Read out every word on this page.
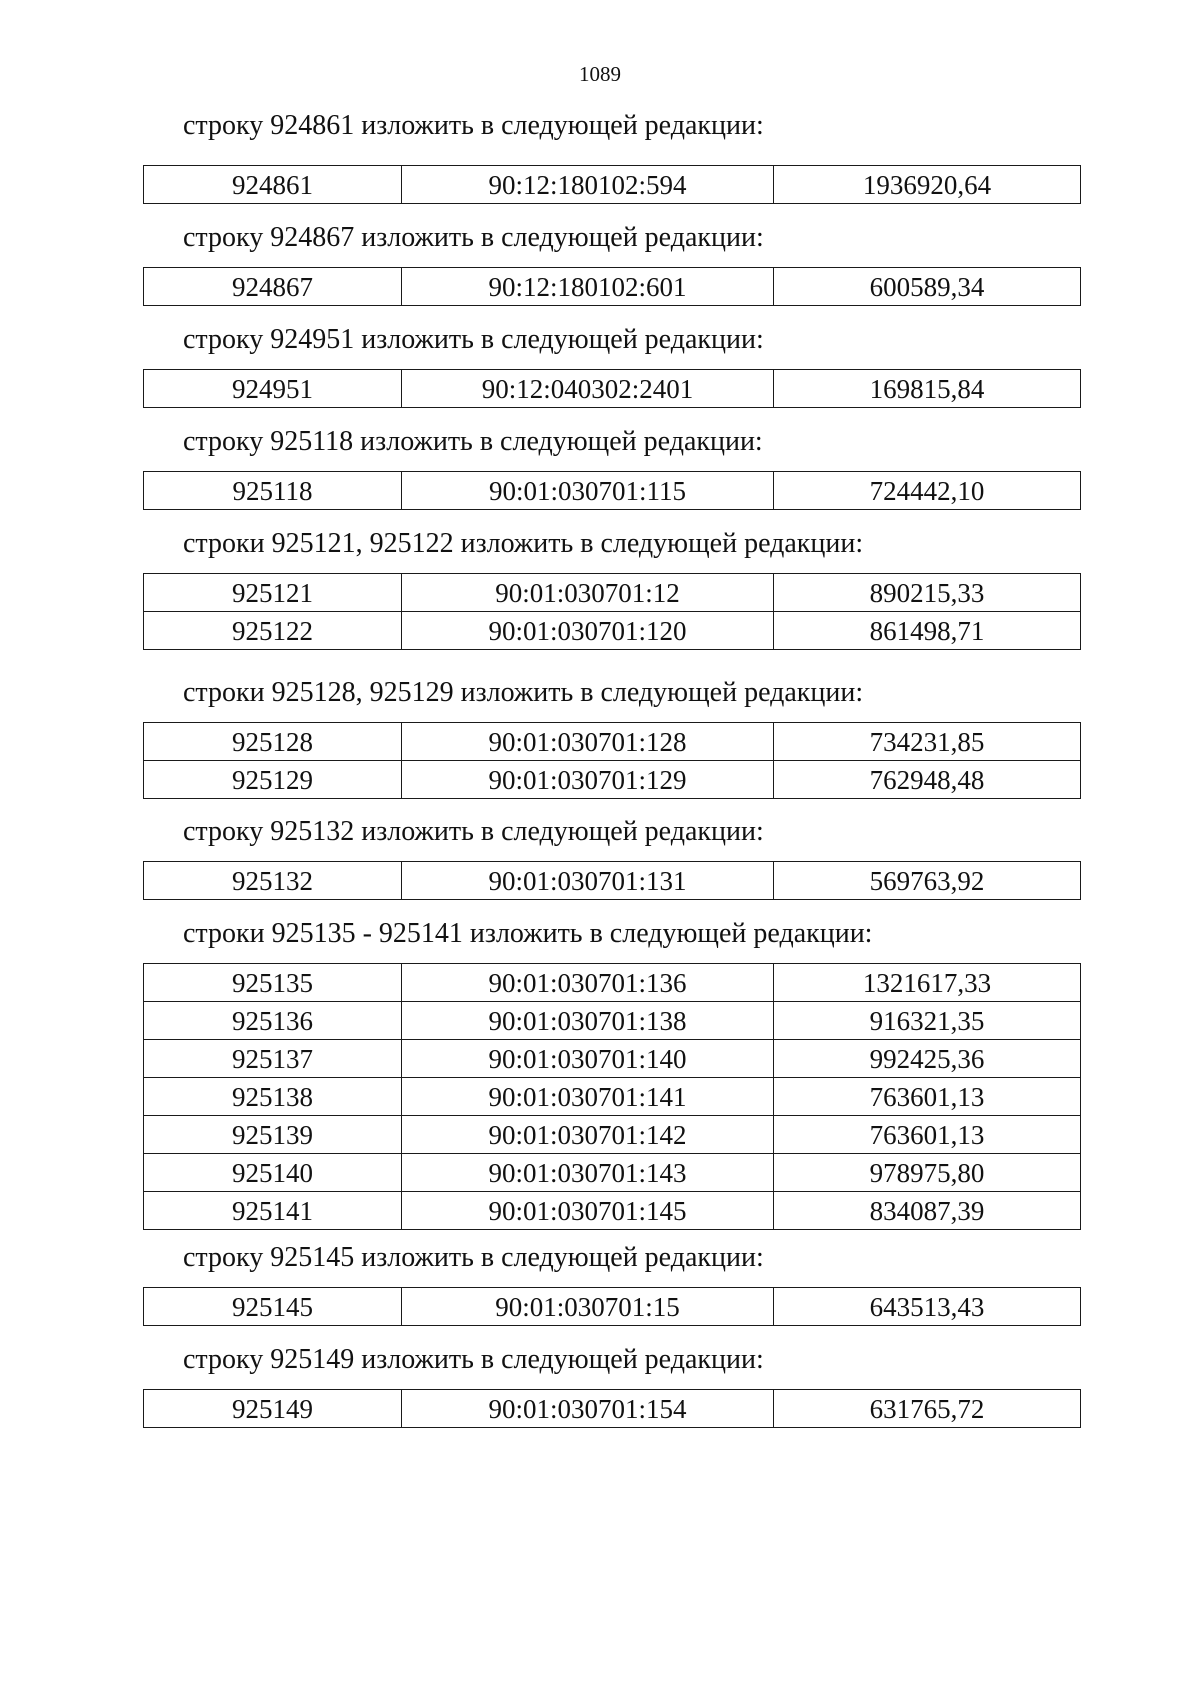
1089
строку 924861 изложить в следующей редакции:
924861	90:12:180102:594	1936920,64
строку 924867 изложить в следующей редакции:
924867	90:12:180102:601	600589,34
строку 924951 изложить в следующей редакции:
924951	90:12:040302:2401	169815,84
строку 925118 изложить в следующей редакции:
925118	90:01:030701:115	724442,10
строки 925121, 925122 изложить в следующей редакции:
925121	90:01:030701:12	890215,33
925122	90:01:030701:120	861498,71
строки 925128, 925129 изложить в следующей редакции:
925128	90:01:030701:128	734231,85
925129	90:01:030701:129	762948,48
строку 925132 изложить в следующей редакции:
925132	90:01:030701:131	569763,92
строки 925135 - 925141 изложить в следующей редакции:
925135	90:01:030701:136	1321617,33
925136	90:01:030701:138	916321,35
925137	90:01:030701:140	992425,36
925138	90:01:030701:141	763601,13
925139	90:01:030701:142	763601,13
925140	90:01:030701:143	978975,80
925141	90:01:030701:145	834087,39
строку 925145 изложить в следующей редакции:
925145	90:01:030701:15	643513,43
строку 925149 изложить в следующей редакции:
925149	90:01:030701:154	631765,72
